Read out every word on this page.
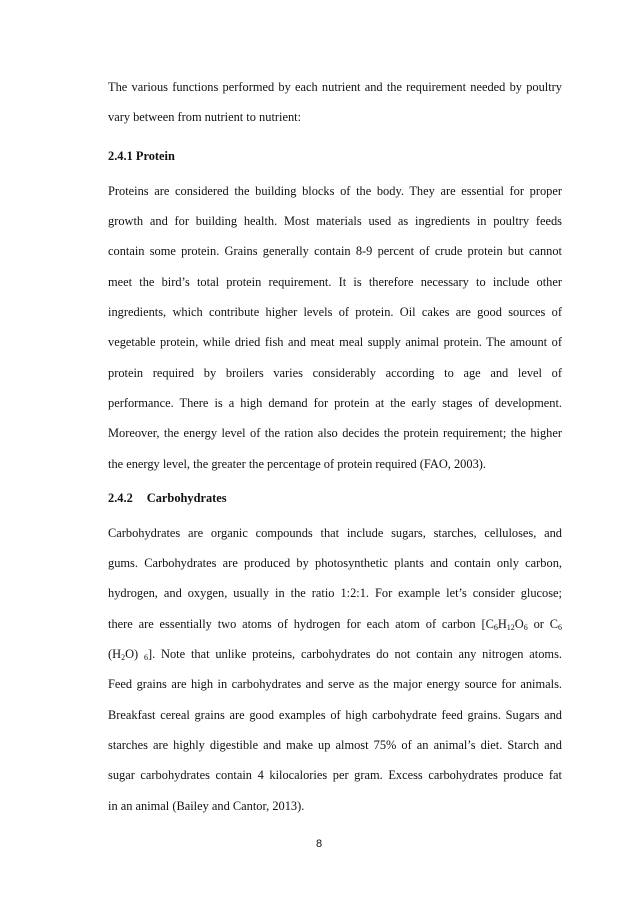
The various functions performed by each nutrient and the requirement needed by poultry
vary between from nutrient to nutrient:
2.4.1 Protein
Proteins are considered the building blocks of the body. They are essential for proper
growth and for building health. Most materials used as ingredients in poultry feeds
contain some protein. Grains generally contain 8-9 percent of crude protein but cannot
meet the bird’s total protein requirement. It is therefore necessary to include other
ingredients, which contribute higher levels of protein. Oil cakes are good sources of
vegetable protein, while dried fish and meat meal supply animal protein. The amount of
protein required by broilers varies considerably according to age and level of
performance. There is a high demand for protein at the early stages of development.
Moreover, the energy level of the ration also decides the protein requirement; the higher
the energy level, the greater the percentage of protein required (FAO, 2003).
2.4.2 Carbohydrates
Carbohydrates are organic compounds that include sugars, starches, celluloses, and
gums. Carbohydrates are produced by photosynthetic plants and contain only carbon,
hydrogen, and oxygen, usually in the ratio 1:2:1. For example let’s consider glucose;
there are essentially two atoms of hydrogen for each atom of carbon [$C_6H_{12}O_6$ or $C_6$
$(H_2O)$ $_6$]. Note that unlike proteins, carbohydrates do not contain any nitrogen atoms.
Feed grains are high in carbohydrates and serve as the major energy source for animals.
Breakfast cereal grains are good examples of high carbohydrate feed grains. Sugars and
starches are highly digestible and make up almost 75% of an animal’s diet. Starch and
sugar carbohydrates contain 4 kilocalories per gram. Excess carbohydrates produce fat
in an animal (Bailey and Cantor, 2013).
8
